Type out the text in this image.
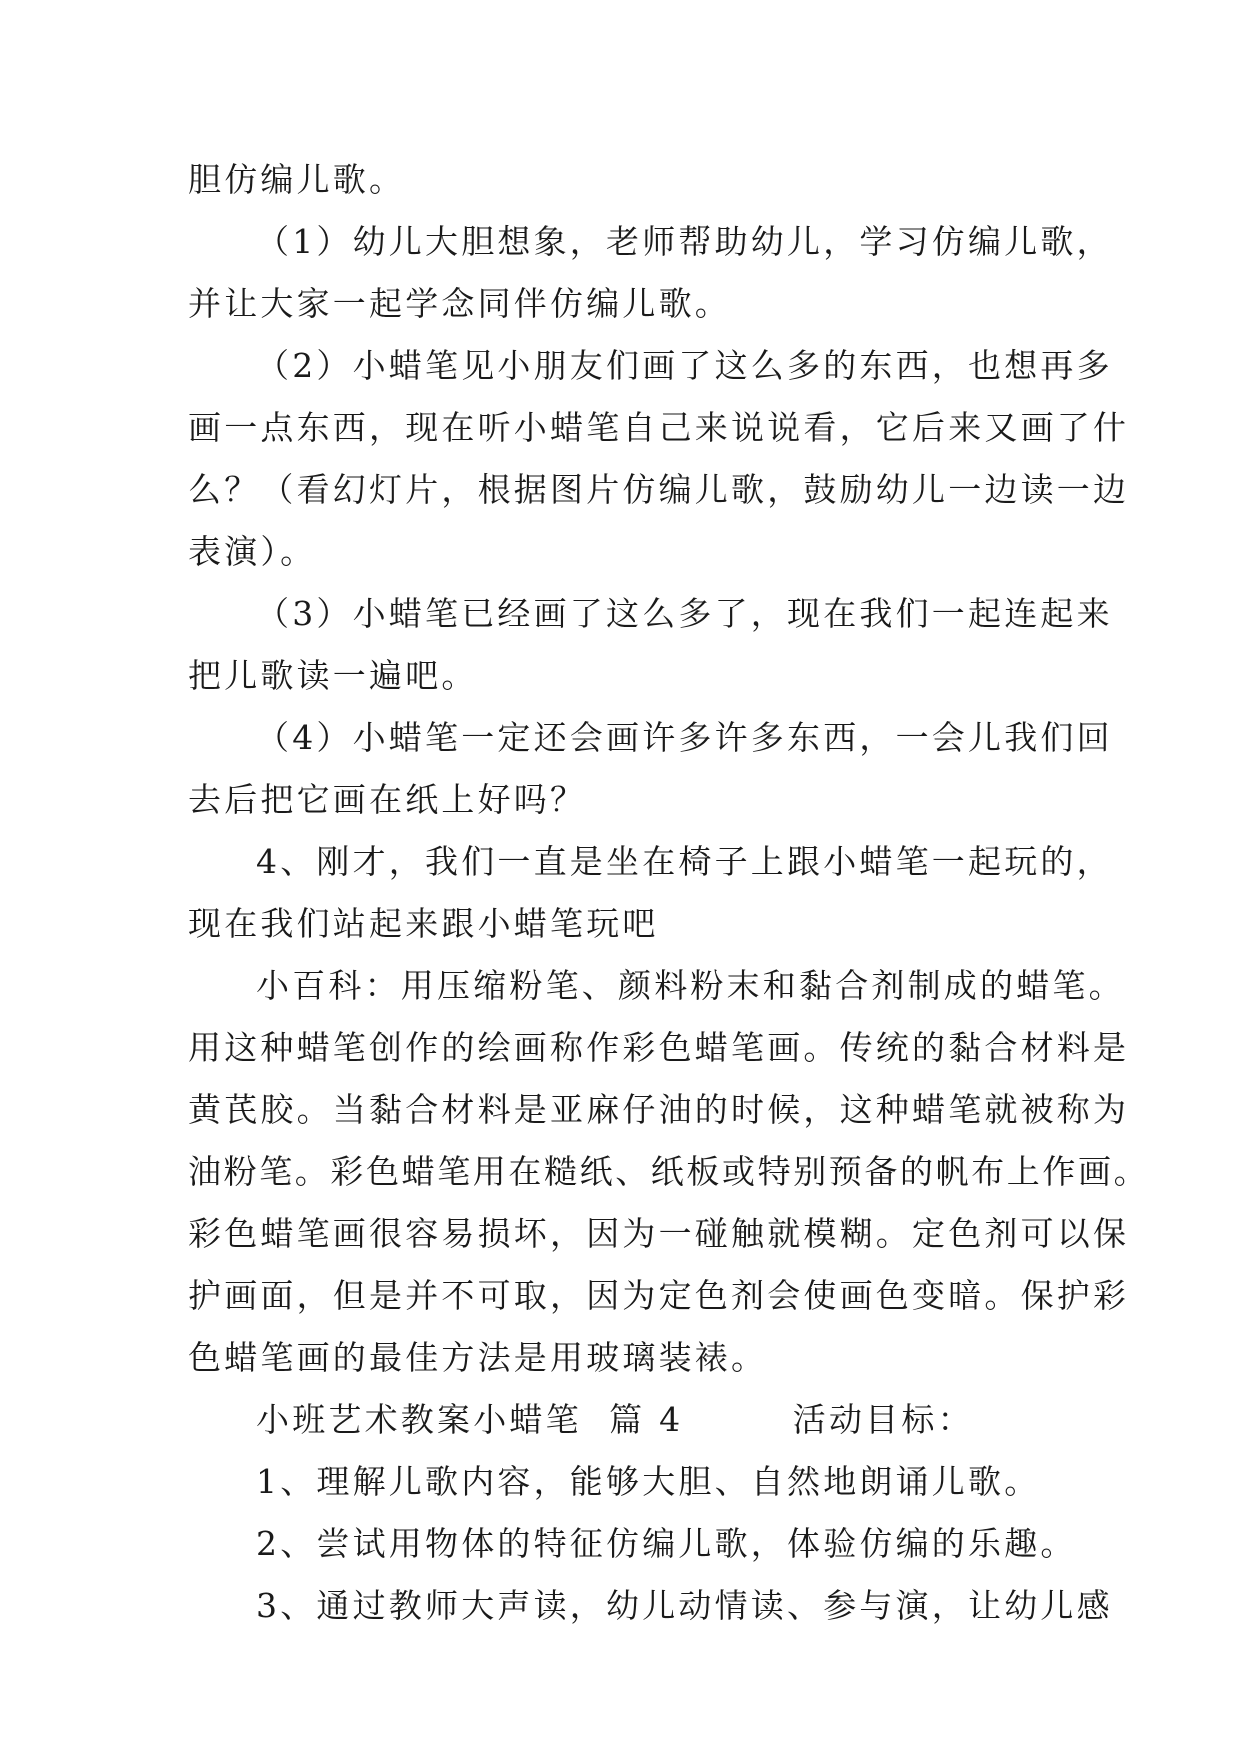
胆仿编儿歌。
（1）幼儿大胆想象，老师帮助幼儿，学习仿编儿歌，
并让大家一起学念同伴仿编儿歌。
（2）小蜡笔见小朋友们画了这么多的东西，也想再多
画一点东西，现在听小蜡笔自己来说说看，它后来又画了什
么？（看幻灯片，根据图片仿编儿歌，鼓励幼儿一边读一边
表演）。
（3）小蜡笔已经画了这么多了，现在我们一起连起来
把儿歌读一遍吧。
（4）小蜡笔一定还会画许多许多东西，一会儿我们回
去后把它画在纸上好吗？
4、刚才，我们一直是坐在椅子上跟小蜡笔一起玩的，
现在我们站起来跟小蜡笔玩吧
小百科：用压缩粉笔、颜料粉末和黏合剂制成的蜡笔。
用这种蜡笔创作的绘画称作彩色蜡笔画。传统的黏合材料是
黄芪胶。当黏合材料是亚麻仔油的时候，这种蜡笔就被称为
油粉笔。彩色蜡笔用在糙纸、纸板或特别预备的帆布上作画。
彩色蜡笔画很容易损坏，因为一碰触就模糊。定色剂可以保
护画面，但是并不可取，因为定色剂会使画色变暗。保护彩
色蜡笔画的最佳方法是用玻璃装裱。
小班艺术教案小蜡笔  篇 4        活动目标：
1、理解儿歌内容，能够大胆、自然地朗诵儿歌。
2、尝试用物体的特征仿编儿歌，体验仿编的乐趣。
3、通过教师大声读，幼儿动情读、参与演，让幼儿感
